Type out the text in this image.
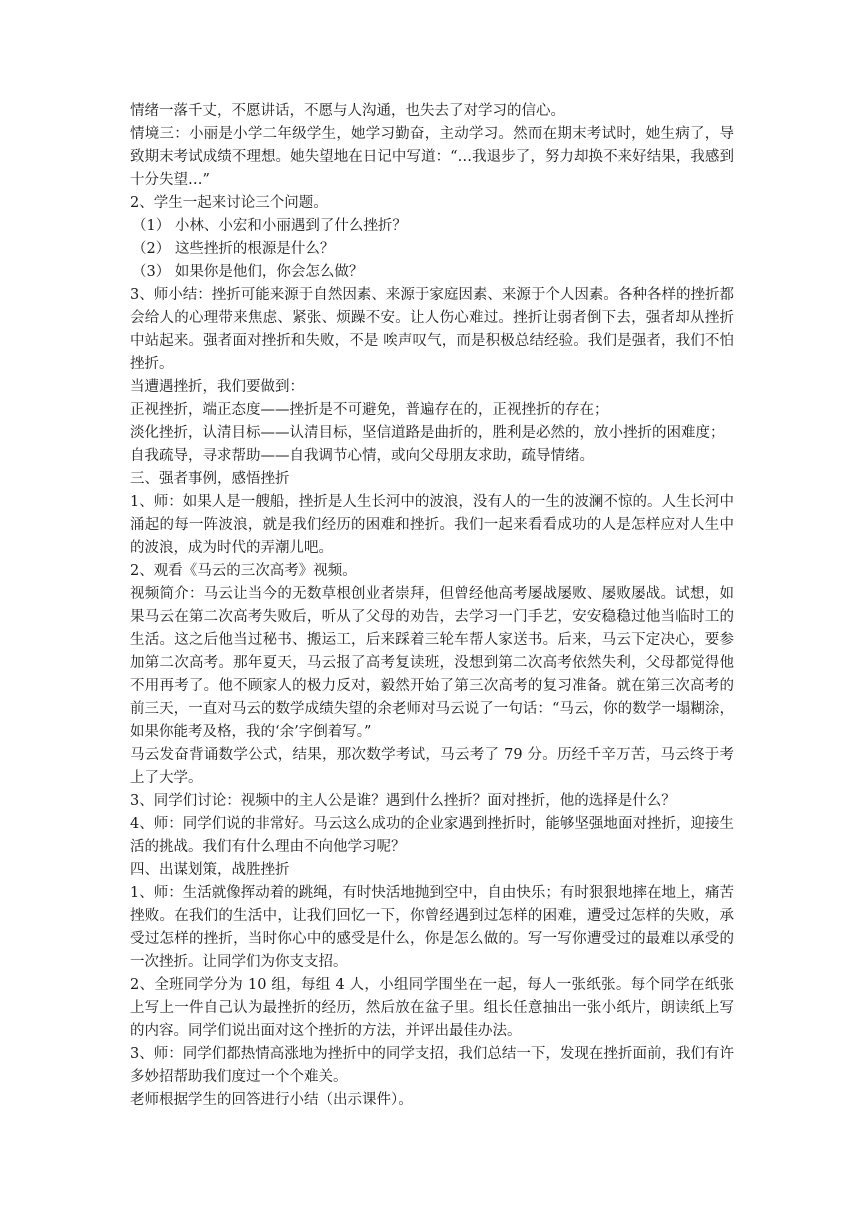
情绪一落千丈，不愿讲话，不愿与人沟通，也失去了对学习的信心。

情境三：小丽是小学二年级学生，她学习勤奋，主动学习。然而在期末考试时，她生病了，导致期末考试成绩不理想。她失望地在日记中写道：“…我退步了，努力却换不来好结果，我感到十分失望…”

2、学生一起来讨论三个问题。

（1） 小林、小宏和小丽遇到了什么挫折？

（2） 这些挫折的根源是什么？

（3） 如果你是他们，你会怎么做？

3、师小结：挫折可能来源于自然因素、来源于家庭因素、来源于个人因素。各种各样的挫折都会给人的心理带来焦虑、紧张、烦躁不安。让人伤心难过。挫折让弱者倒下去，强者却从挫折中站起来。强者面对挫折和失败，不是 唉声叹气，而是积极总结经验。我们是强者，我们不怕挫折。

当遭遇挫折，我们要做到：

正视挫折，端正态度——挫折是不可避免，普遍存在的，正视挫折的存在；

淡化挫折，认清目标——认清目标，坚信道路是曲折的，胜利是必然的，放小挫折的困难度；

自我疏导，寻求帮助——自我调节心情，或向父母朋友求助，疏导情绪。

三、强者事例，感悟挫折

1、师：如果人是一艘船，挫折是人生长河中的波浪，没有人的一生的波澜不惊的。人生长河中涌起的每一阵波浪，就是我们经历的困难和挫折。我们一起来看看成功的人是怎样应对人生中的波浪，成为时代的弄潮儿吧。

2、观看《马云的三次高考》视频。

视频简介：马云让当今的无数草根创业者崇拜，但曾经他高考屡战屡败、屡败屡战。试想，如果马云在第二次高考失败后，听从了父母的劝告，去学习一门手艺，安安稳稳过他当临时工的生活。这之后他当过秘书、搬运工，后来踩着三轮车帮人家送书。后来，马云下定决心，要参加第二次高考。那年夏天，马云报了高考复读班，没想到第二次高考依然失利，父母都觉得他不用再考了。他不顾家人的极力反对，毅然开始了第三次高考的复习准备。就在第三次高考的前三天，一直对马云的数学成绩失望的余老师对马云说了一句话：“马云，你的数学一塌糊涂，如果你能考及格，我的‘余’字倒着写。”

马云发奋背诵数学公式，结果，那次数学考试，马云考了 79 分。历经千辛万苦，马云终于考上了大学。

3、同学们讨论：视频中的主人公是谁？遇到什么挫折？面对挫折，他的选择是什么？

4、师：同学们说的非常好。马云这么成功的企业家遇到挫折时，能够坚强地面对挫折，迎接生活的挑战。我们有什么理由不向他学习呢？

四、出谋划策，战胜挫折

1、师：生活就像挥动着的跳绳，有时快活地抛到空中，自由快乐；有时狠狠地摔在地上，痛苦挫败。在我们的生活中，让我们回忆一下，你曾经遇到过怎样的困难，遭受过怎样的失败，承受过怎样的挫折，当时你心中的感受是什么，你是怎么做的。写一写你遭受过的最难以承受的一次挫折。让同学们为你支支招。

2、全班同学分为 10 组，每组 4 人，小组同学围坐在一起，每人一张纸张。每个同学在纸张上写上一件自己认为最挫折的经历，然后放在盆子里。组长任意抽出一张小纸片，朗读纸上写的内容。同学们说出面对这个挫折的方法，并评出最佳办法。

3、师：同学们都热情高涨地为挫折中的同学支招，我们总结一下，发现在挫折面前，我们有许多妙招帮助我们度过一个个难关。

老师根据学生的回答进行小结（出示课件）。
